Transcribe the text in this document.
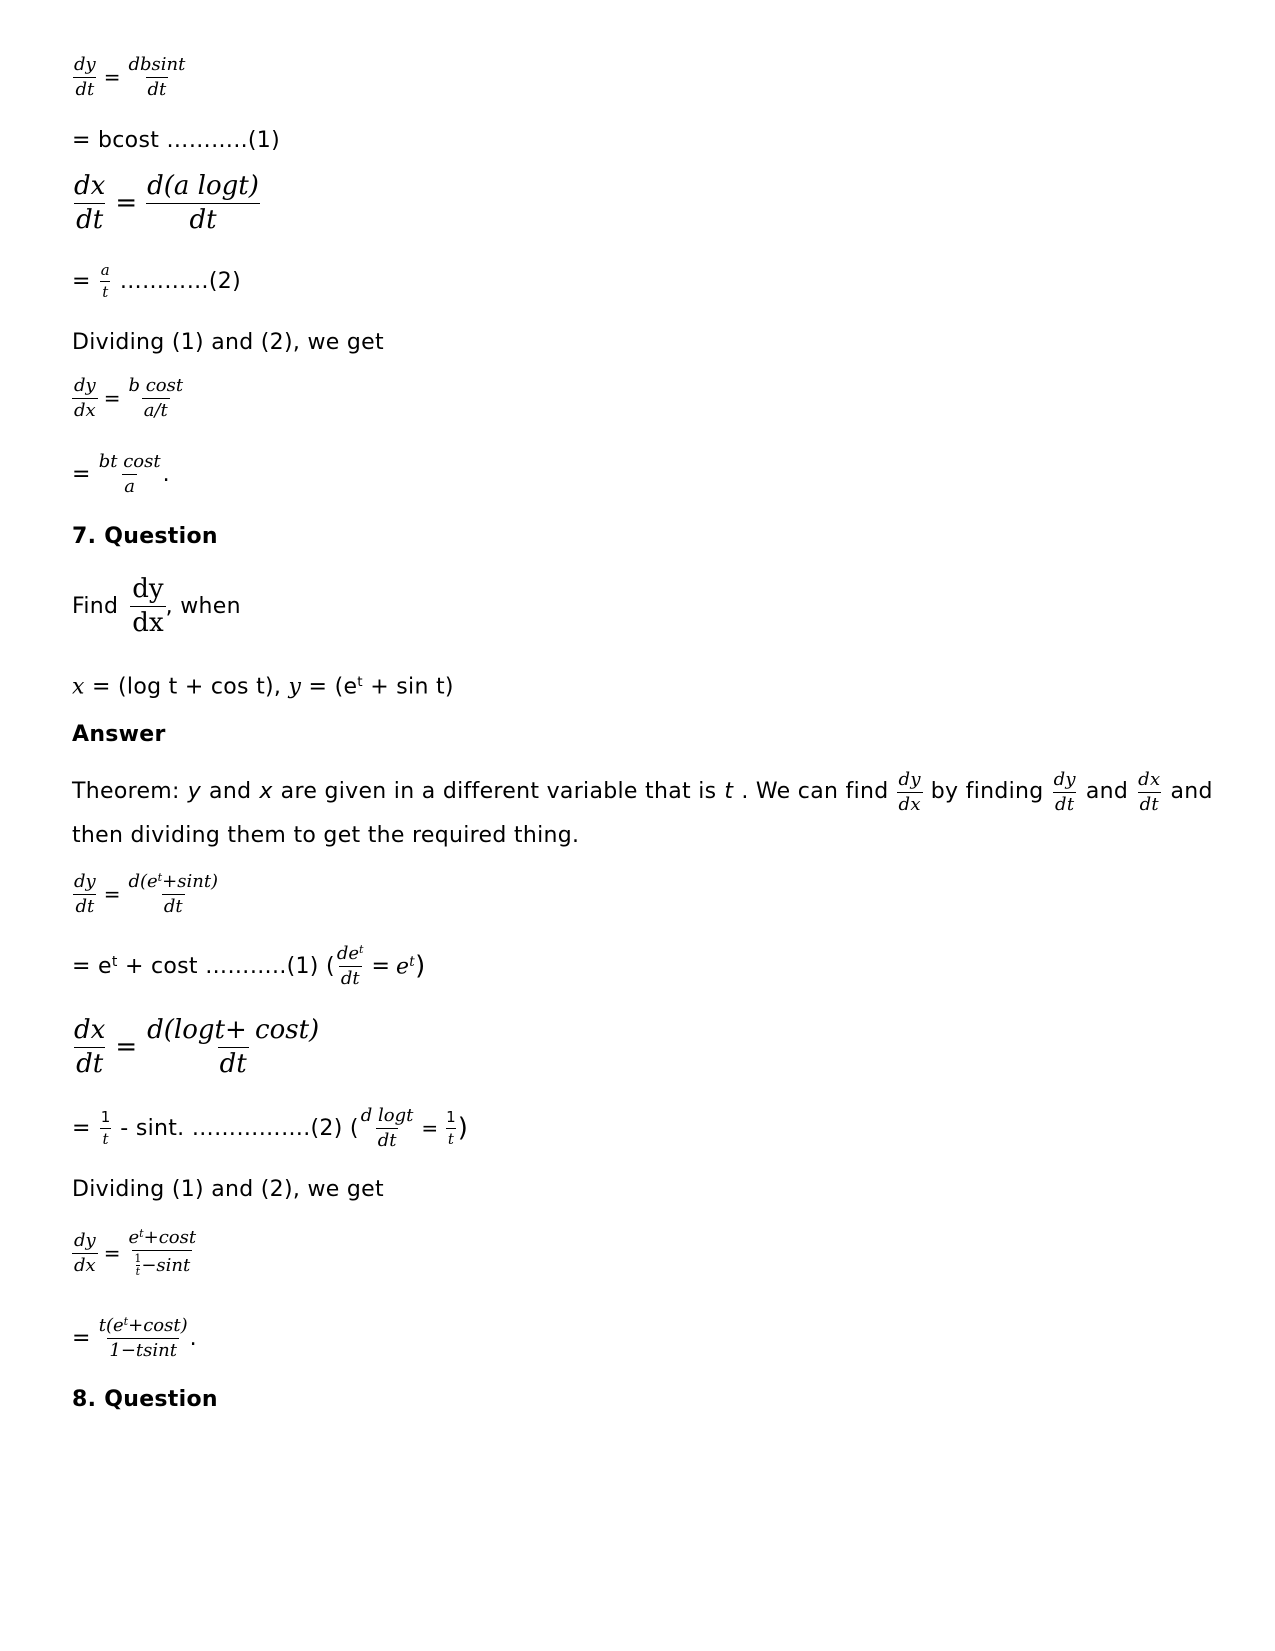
$\frac{dy}{dt} = \frac{dbsint}{dt}$
= bcost ………..(1)
$\frac{dx}{dt} = \frac{\text{d(a logt)}}{dt}$
= $\frac{a}{t}$ …………(2)
Dividing (1) and (2), we get
$\frac{dy}{dx} = \frac{\text{b cost}}{a/t}$
= $\frac{\text{bt cost}}{a}$ .
7. Question
Find $\frac{dy}{dx}$ , when
x = (log t + cos t), $y = (e^t + \sin t)$
Answer
Theorem: y and x are given in a different variable that is t . We can find $\frac{dy}{dx}$ by finding $\frac{dy}{dt}$ and $\frac{dx}{dt}$ and
then dividing them to get the required thing.
$\frac{dy}{dt} = \frac{d(e^t+\sin t)}{dt}$
= e t + cost ………..(1) ( $\frac{de^t}{dt} = e^t$ )
$\frac{dx}{dt} = \frac{d(\log t+ \cos t)}{dt}$
= $\frac{1}{t}$ - sint. …………….(2) ( $\frac{\text{d logt}}{dt} = \frac{1}{t}$ )
Dividing (1) and (2), we get
$\frac{dy}{dx} = \frac{e^t+\cos t}{\frac{1}{t} -\sin t}$
= $\frac{t(e^t+\cos t)}{1-tsint}$ .
8. Question
